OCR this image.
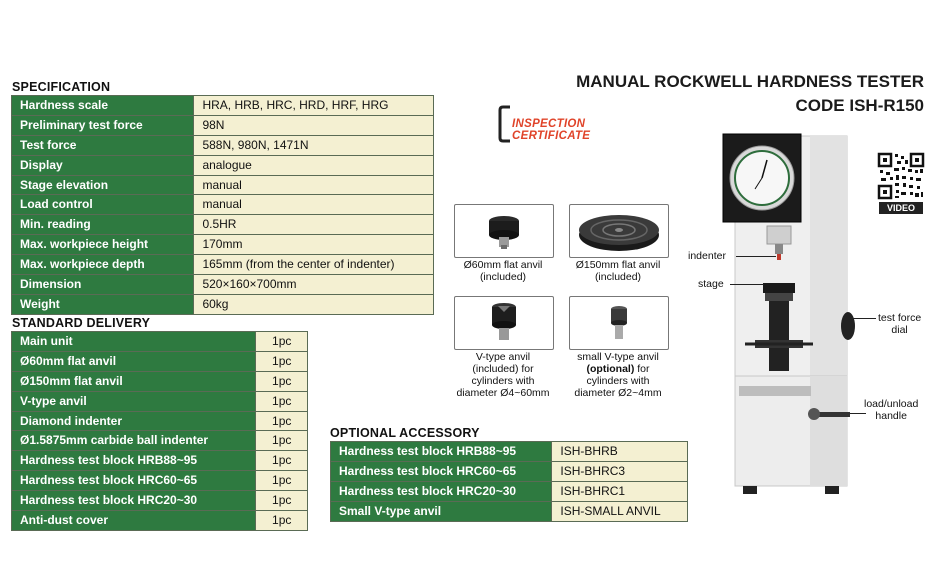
SPECIFICATION
Hardness scale	HRA, HRB, HRC, HRD, HRF, HRG
Preliminary test force	98N
Test force	588N, 980N, 1471N
Display	analogue
Stage elevation	manual
Load control	manual
Min. reading	0.5HR
Max. workpiece height	170mm
Max. workpiece depth	165mm (from the center of indenter)
Dimension	520×160×700mm
Weight	60kg
STANDARD DELIVERY
Main unit	1pc
Ø60mm flat anvil	1pc
Ø150mm flat anvil	1pc
V-type anvil	1pc
Diamond indenter	1pc
Ø1.5875mm carbide ball indenter	1pc
Hardness test block HRB88~95	1pc
Hardness test block HRC60~65	1pc
Hardness test block HRC20~30	1pc
Anti-dust cover	1pc
OPTIONAL ACCESSORY
Hardness test block HRB88~95	ISH-BHRB
Hardness test block HRC60~65	ISH-BHRC3
Hardness test block HRC20~30	ISH-BHRC1
Small V-type anvil	ISH-SMALL ANVIL
MANUAL ROCKWELL HARDNESS TESTER
CODE ISH-R150
INSPECTION
CERTIFICATE
VIDEO
Ø60mm flat anvil
(included)
Ø150mm flat anvil
(included)
V-type anvil
(included) for
cylinders with
diameter Ø4~60mm
small V-type anvil
(optional) for
cylinders with
diameter Ø2~4mm
indenter
stage
test force
dial
load/unload
handle
